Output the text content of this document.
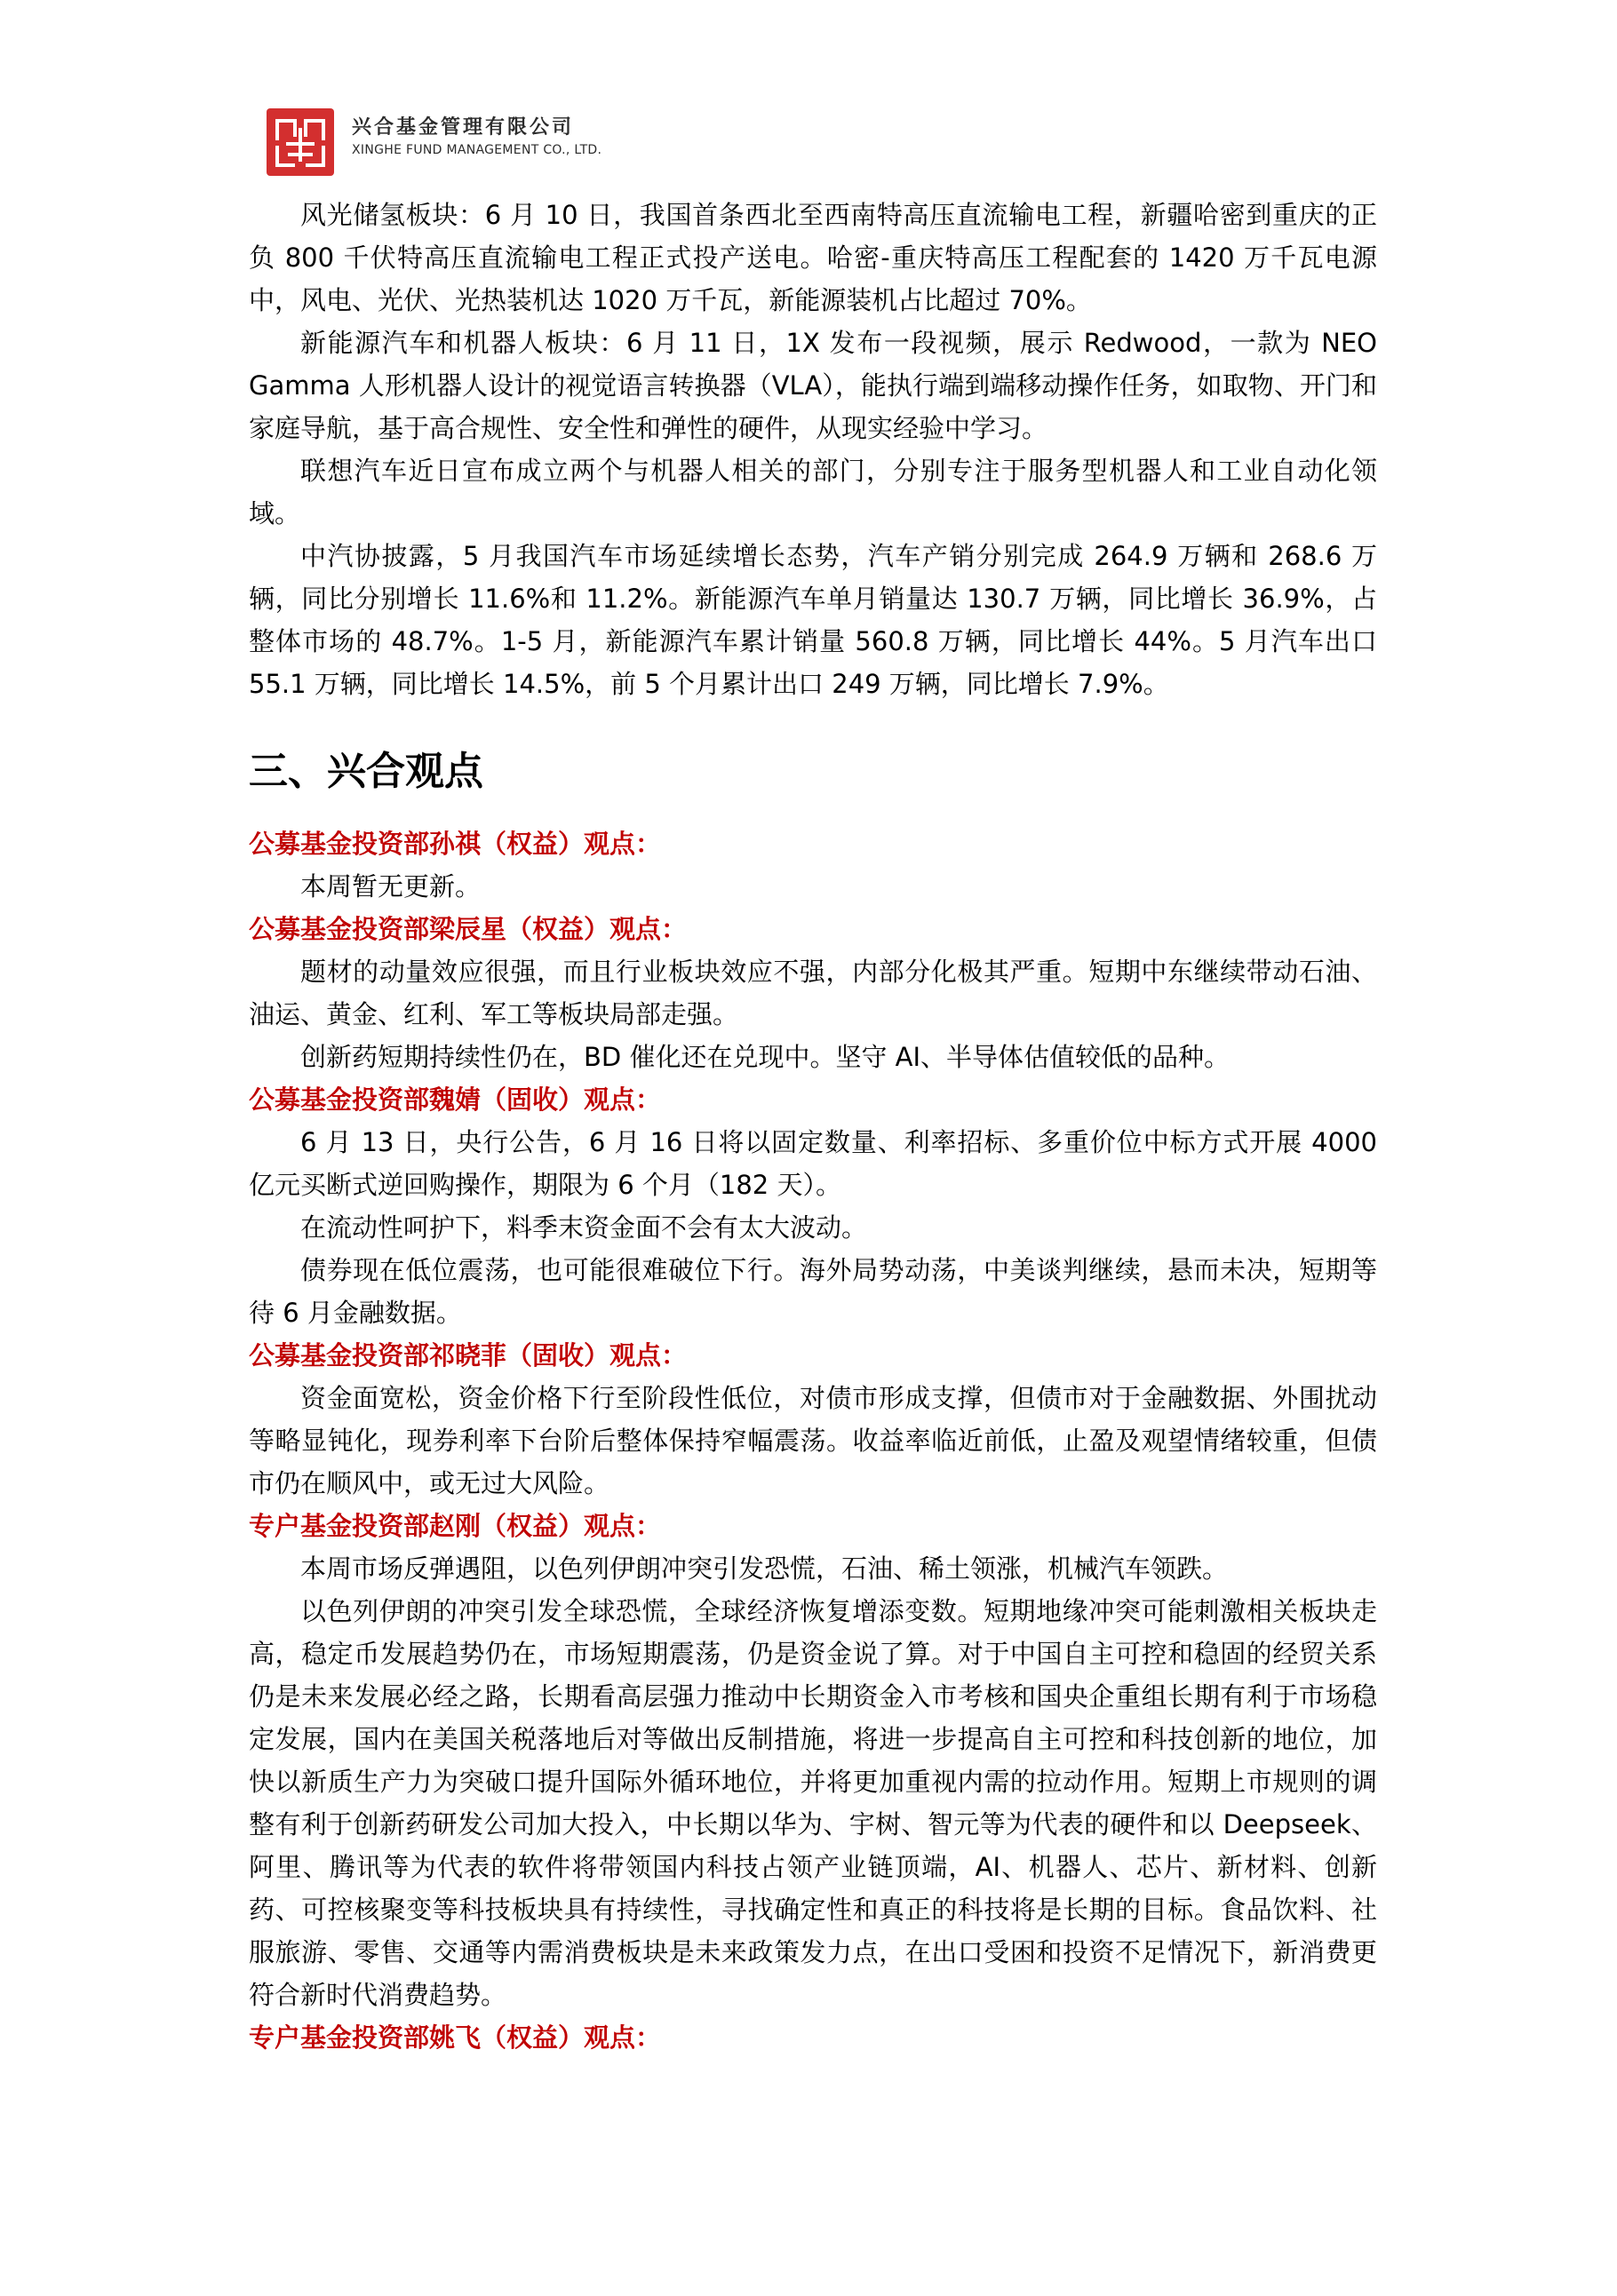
兴合基金管理有限公司
XINGHE FUND MANAGEMENT CO., LTD.

风光储氢板块：6 月 10 日，我国首条西北至西南特高压直流输电工程，新疆哈密到重庆的正负 800 千伏特高压直流输电工程正式投产送电。哈密-重庆特高压工程配套的 1420 万千瓦电源中，风电、光伏、光热装机达 1020 万千瓦，新能源装机占比超过 70%。

新能源汽车和机器人板块：6 月 11 日，1X 发布一段视频，展示 Redwood，一款为 NEO Gamma 人形机器人设计的视觉语言转换器（VLA），能执行端到端移动操作任务，如取物、开门和家庭导航，基于高合规性、安全性和弹性的硬件，从现实经验中学习。

联想汽车近日宣布成立两个与机器人相关的部门，分别专注于服务型机器人和工业自动化领域。

中汽协披露，5 月我国汽车市场延续增长态势，汽车产销分别完成 264.9 万辆和 268.6 万辆，同比分别增长 11.6%和 11.2%。新能源汽车单月销量达 130.7 万辆，同比增长 36.9%，占整体市场的 48.7%。1-5 月，新能源汽车累计销量 560.8 万辆，同比增长 44%。5 月汽车出口 55.1 万辆，同比增长 14.5%，前 5 个月累计出口 249 万辆，同比增长 7.9%。

三、兴合观点

公募基金投资部孙祺（权益）观点：

本周暂无更新。

公募基金投资部梁辰星（权益）观点：

题材的动量效应很强，而且行业板块效应不强，内部分化极其严重。短期中东继续带动石油、油运、黄金、红利、军工等板块局部走强。

创新药短期持续性仍在，BD 催化还在兑现中。坚守 AI、半导体估值较低的品种。

公募基金投资部魏婧（固收）观点：

6 月 13 日，央行公告，6 月 16 日将以固定数量、利率招标、多重价位中标方式开展 4000 亿元买断式逆回购操作，期限为 6 个月（182 天）。

在流动性呵护下，料季末资金面不会有太大波动。

债券现在低位震荡，也可能很难破位下行。海外局势动荡，中美谈判继续，悬而未决，短期等待 6 月金融数据。

公募基金投资部祁晓菲（固收）观点：

资金面宽松，资金价格下行至阶段性低位，对债市形成支撑，但债市对于金融数据、外围扰动等略显钝化，现券利率下台阶后整体保持窄幅震荡。收益率临近前低，止盈及观望情绪较重，但债市仍在顺风中，或无过大风险。

专户基金投资部赵刚（权益）观点：

本周市场反弹遇阻，以色列伊朗冲突引发恐慌，石油、稀土领涨，机械汽车领跌。

以色列伊朗的冲突引发全球恐慌，全球经济恢复增添变数。短期地缘冲突可能刺激相关板块走高，稳定币发展趋势仍在，市场短期震荡，仍是资金说了算。对于中国自主可控和稳固的经贸关系仍是未来发展必经之路，长期看高层强力推动中长期资金入市考核和国央企重组长期有利于市场稳定发展，国内在美国关税落地后对等做出反制措施，将进一步提高自主可控和科技创新的地位，加快以新质生产力为突破口提升国际外循环地位，并将更加重视内需的拉动作用。短期上市规则的调整有利于创新药研发公司加大投入，中长期以华为、宇树、智元等为代表的硬件和以 Deepseek、阿里、腾讯等为代表的软件将带领国内科技占领产业链顶端，AI、机器人、芯片、新材料、创新药、可控核聚变等科技板块具有持续性，寻找确定性和真正的科技将是长期的目标。食品饮料、社服旅游、零售、交通等内需消费板块是未来政策发力点，在出口受困和投资不足情况下，新消费更符合新时代消费趋势。

专户基金投资部姚飞（权益）观点：
